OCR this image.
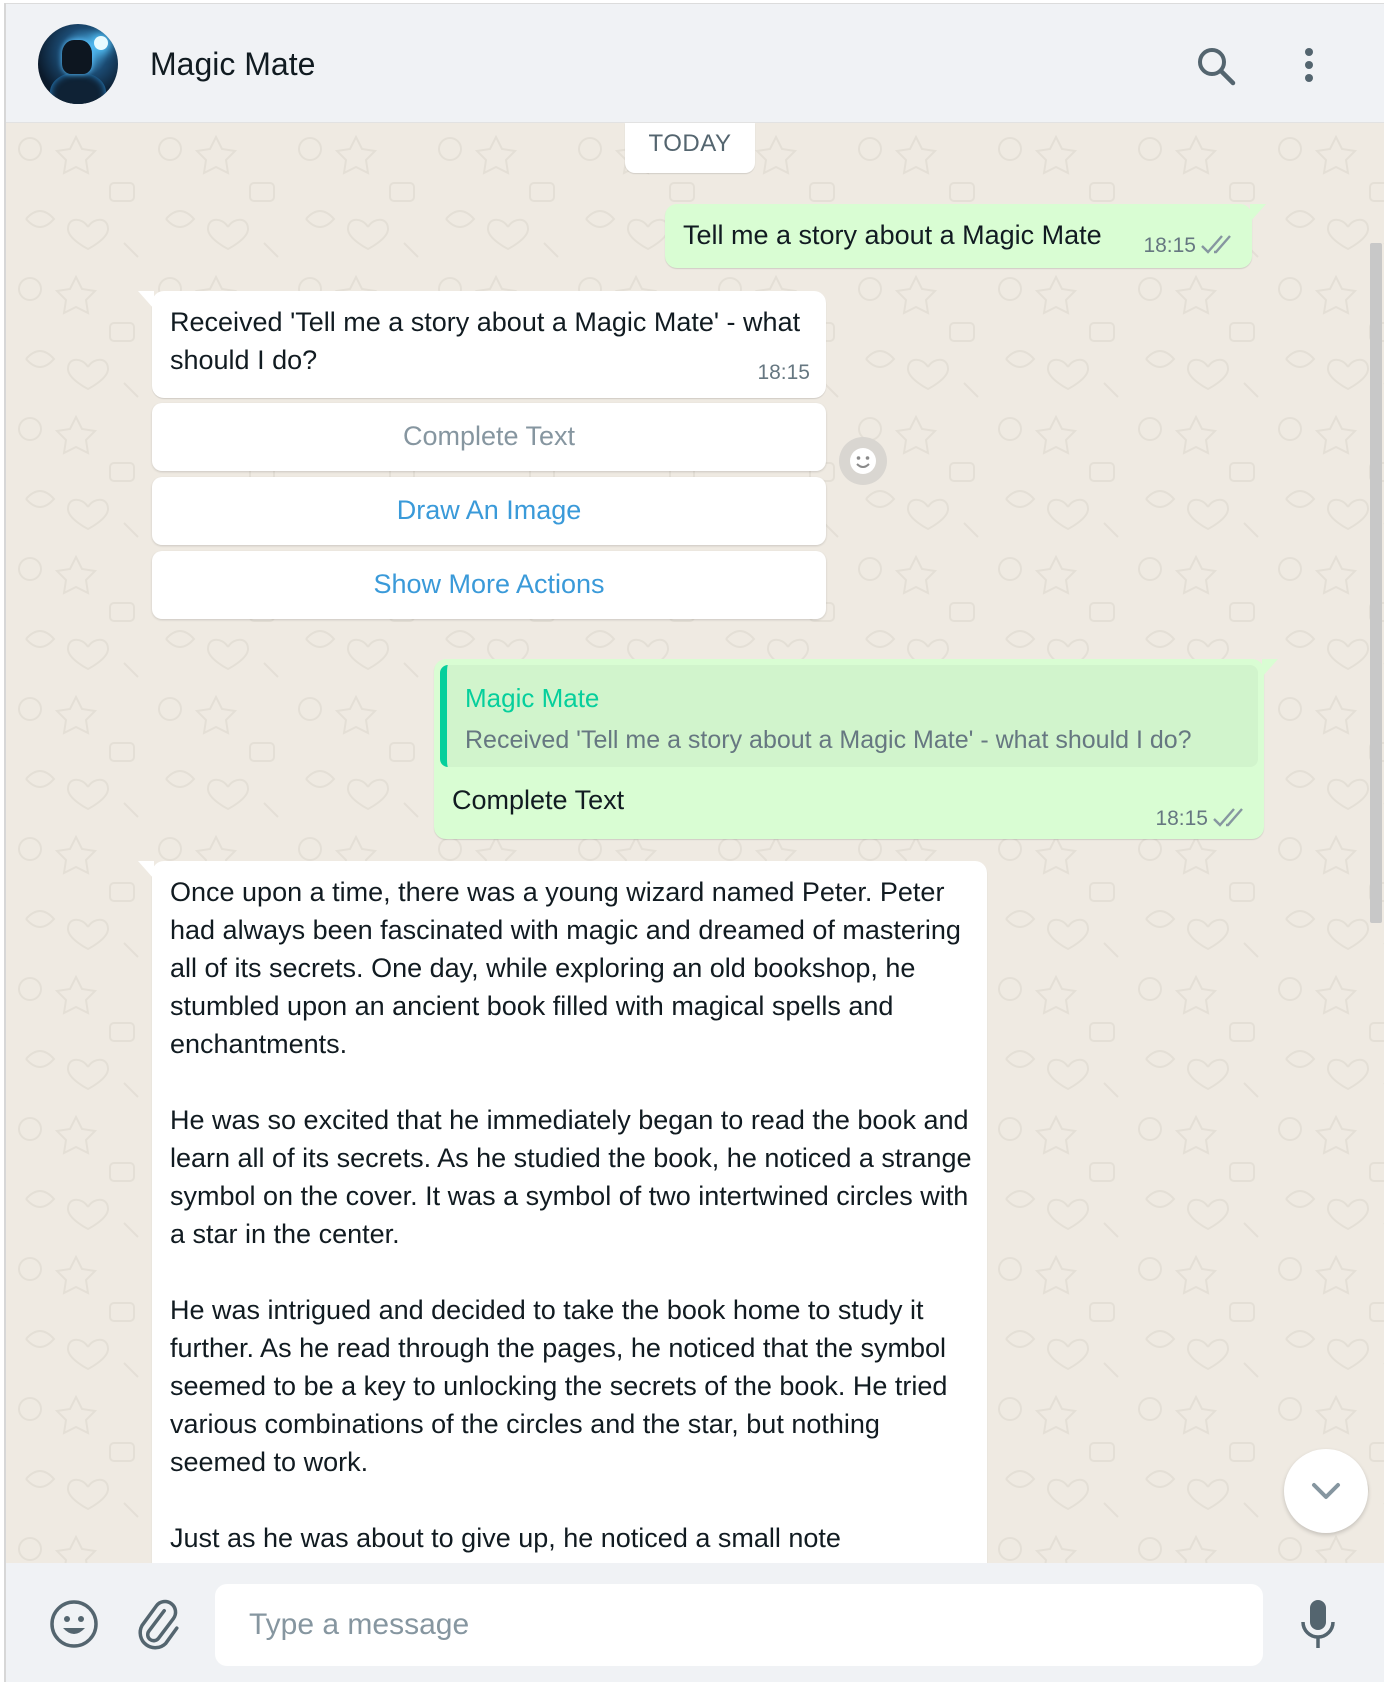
Magic Mate
TODAY
Tell me a story about a Magic Mate 18:15
Received 'Tell me a story about a Magic Mate' - what should I do?	18:15
Complete Text
Draw An Image
Show More Actions
Magic Mate
Received 'Tell me a story about a Magic Mate' - what should I do?
Complete Text
18:15

Once upon a time, there was a young wizard named Peter. Peter had always been fascinated with magic and dreamed of mastering all of its secrets. One day, while exploring an old bookshop, he stumbled upon an ancient book filled with magical spells and enchantments.

He was so excited that he immediately began to read the book and learn all of its secrets. As he studied the book, he noticed a strange symbol on the cover. It was a symbol of two intertwined circles with a star in the center.

He was intrigued and decided to take the book home to study it further. As he read through the pages, he noticed that the symbol seemed to be a key to unlocking the secrets of the book. He tried various combinations of the circles and the star, but nothing seemed to work.

Just as he was about to give up, he noticed a small note

Type a message
